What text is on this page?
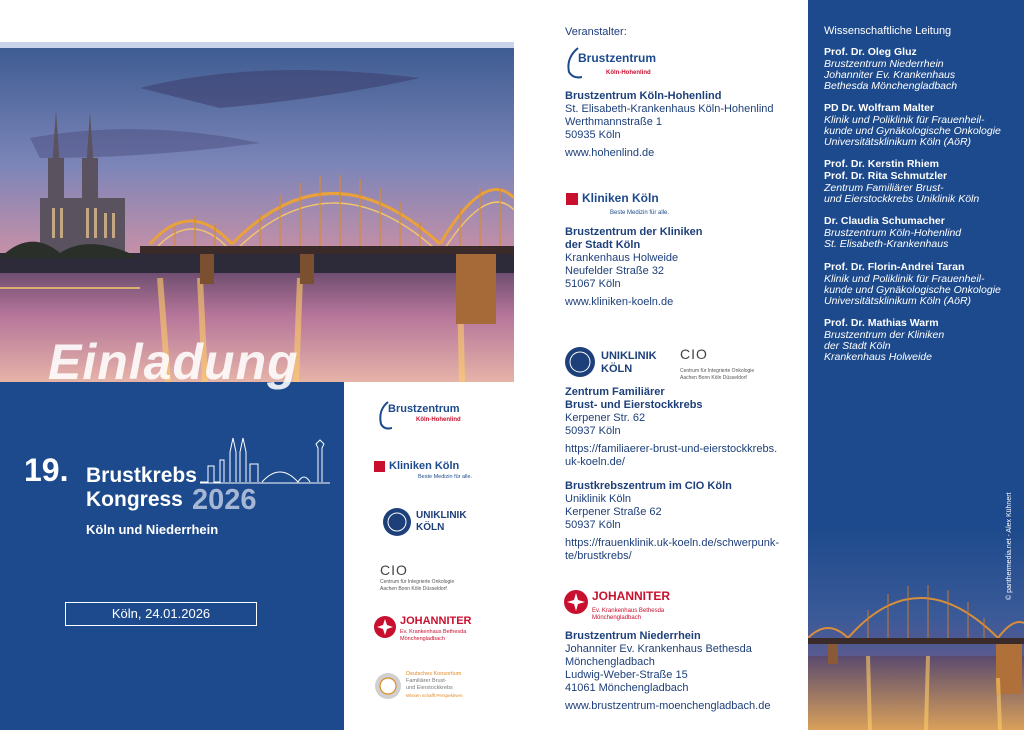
Einladung
Brustzentrum
Köln-Hohenlind
Kliniken Köln
Beste Medizin für alle.
UNIKLINIK
KÖLN
CIO
Centrum für Integrierte Onkologie
Aachen Bonn Köln Düsseldorf
JOHANNITER
Ev. Krankenhaus Bethesda
Mönchengladbach
Deutsches Konsortium
Familiärer Brust-
und Eierstockkrebs
Wissen schafft Perspektiven
19. Brustkrebs
Kongress 2026
Köln und Niederrhein
Köln, 24.01.2026
Veranstalter:
Brustzentrum
Köln-Hohenlind
Brustzentrum Köln-Hohenlind
St. Elisabeth-Krankenhaus Köln-Hohenlind
Werthmannstraße 1
50935 Köln
www.hohenlind.de
Kliniken Köln
Beste Medizin für alle.
Brustzentrum der Kliniken
der Stadt Köln
Krankenhaus Holweide
Neufelder Straße 32
51067 Köln
www.kliniken-koeln.de
UNIKLINIK
KÖLN
CIO
Centrum für Integrierte Onkologie
Aachen Bonn Köln Düsseldorf
Zentrum Familiärer
Brust- und Eierstockkrebs
Kerpener Str. 62
50937 Köln
https://familiaerer-brust-und-eierstockkrebs.
uk-koeln.de/
Brustkrebszentrum im CIO Köln
Uniklinik Köln
Kerpener Straße 62
50937 Köln
https://frauenklinik.uk-koeln.de/schwerpunk-
te/brustkrebs/
JOHANNITER
Ev. Krankenhaus Bethesda
Mönchengladbach
Brustzentrum Niederrhein
Johanniter Ev. Krankenhaus Bethesda
Mönchengladbach
Ludwig-Weber-Straße 15
41061 Mönchengladbach
www.brustzentrum-moenchengladbach.de
Wissenschaftliche Leitung
Prof. Dr. Oleg Gluz
Brustzentrum Niederrhein
Johanniter Ev. Krankenhaus
Bethesda Mönchengladbach
PD Dr. Wolfram Malter
Klinik und Poliklinik für Frauenheil-
kunde und Gynäkologische Onkologie
Universitätsklinikum Köln (AöR)
Prof. Dr. Kerstin Rhiem
Prof. Dr. Rita Schmutzler
Zentrum Familiärer Brust-
und Eierstockkrebs Uniklinik Köln
Dr. Claudia Schumacher
Brustzentrum Köln-Hohenlind
St. Elisabeth-Krankenhaus
Prof. Dr. Florin-Andrei Taran
Klinik und Poliklinik für Frauenheil-
kunde und Gynäkologische Onkologie
Universitätsklinikum Köln (AöR)
Prof. Dr. Mathias Warm
Brustzentrum der Kliniken
der Stadt Köln
Krankenhaus Holweide
© panthermedia.net - Alex Kühnert
